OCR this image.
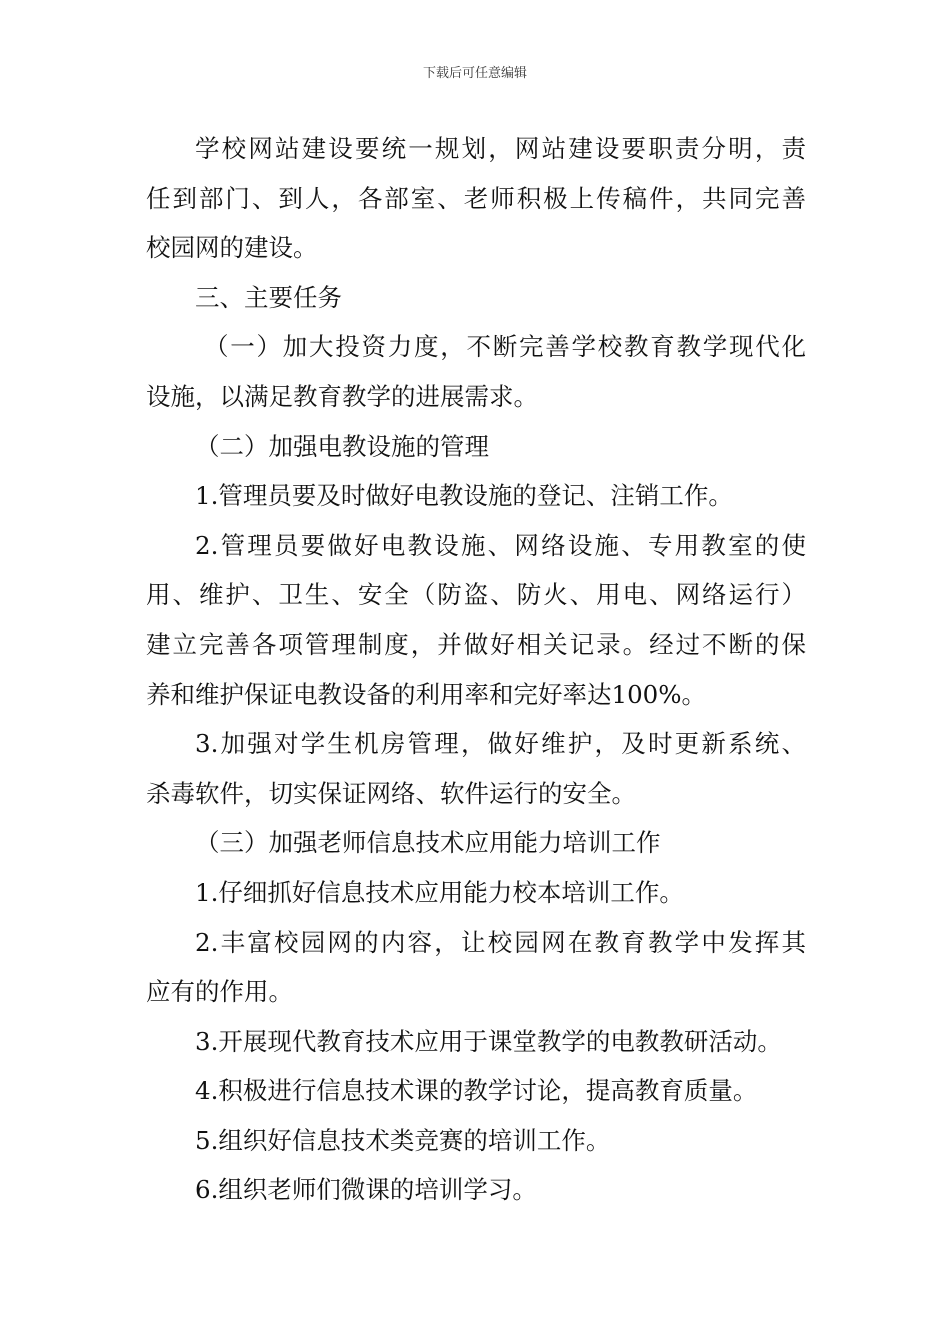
下载后可任意编辑
学校网站建设要统一规划，网站建设要职责分明，责
任到部门、到人，各部室、老师积极上传稿件，共同完善
校园网的建设。
三、主要任务
（一）加大投资力度，不断完善学校教育教学现代化
设施，以满足教育教学的进展需求。
（二）加强电教设施的管理
1.管理员要及时做好电教设施的登记、注销工作。
2.管理员要做好电教设施、网络设施、专用教室的使
用、维护、卫生、安全（防盗、防火、用电、网络运行）
建立完善各项管理制度，并做好相关记录。经过不断的保
养和维护保证电教设备的利用率和完好率达100%。
3.加强对学生机房管理，做好维护，及时更新系统、
杀毒软件，切实保证网络、软件运行的安全。
（三）加强老师信息技术应用能力培训工作
1.仔细抓好信息技术应用能力校本培训工作。
2.丰富校园网的内容，让校园网在教育教学中发挥其
应有的作用。
3.开展现代教育技术应用于课堂教学的电教教研活动。
4.积极进行信息技术课的教学讨论，提高教育质量。
5.组织好信息技术类竞赛的培训工作。
6.组织老师们微课的培训学习。
